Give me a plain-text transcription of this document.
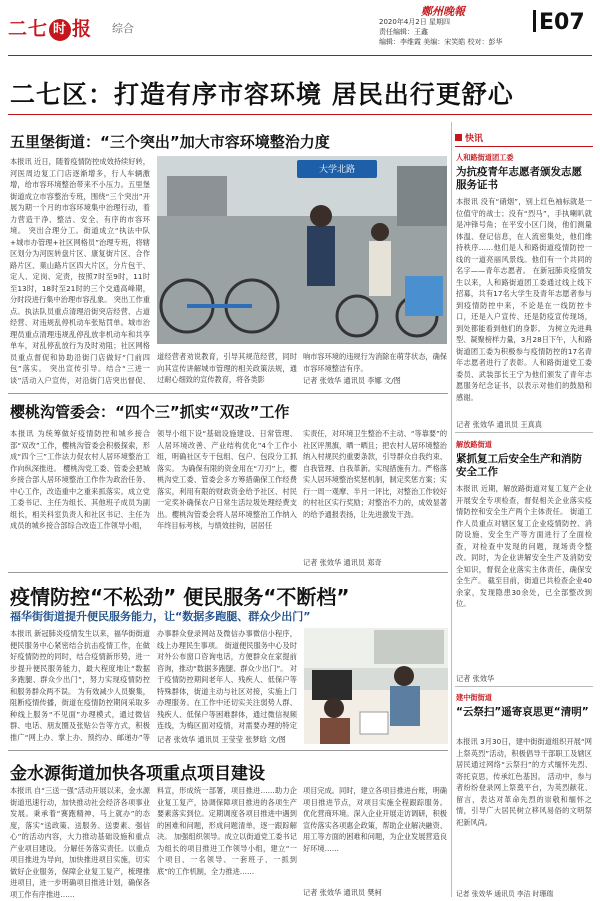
二七 时 报 综合
鄭州晚報
2020年4月2日 星期四
责任编辑：王鑫
编辑：李维霞 美编：宋笑皓 校对：彭华
E07
二七区：打造有序市容环境 居民出行更舒心
五里堡街道：“三个突出”加大市容环境整治力度
本报讯 近日，随着疫情防控成效持续好转，河医周边复工门店逐渐增多，行人车辆激增，给市容环境整治带来不小压力。五里堡街道成立市容整治专班，围绕“三个突出”开展为期一个月的市容环境集中治理行动，着力营造干净、整洁、安全、有序的市容环境。 突出合理分工。街道成立“执法中队+城市办管理+社区网格员”治理专班，将辖区划分为河医转盘片区、康复街片区、合作路片区、菓山路片区四大片区，分片包干、定人、定岗、定责，按照7时至9时，11时至13时，18时至21时的三个交通高峰期，分时段进行集中治理市容乱象。 突出工作重点。执法队员重点清理沿街突店经营、占道经营、对违规乱停机动车张贴罚单。城市治理员重点清理违规乱停乱放非机动车和共享单车，对乱停乱放行为及时劝阻；社区网格员重点督促和协助沿街门店做好“门前四包”落实。 突出宣传引导。结合“三进一谈”活动入户宣传，对沿街门店突出督促、
大学北路
道经营者劝说教育，引导其规范经营，同时向其宣传讲解城市管理的相关政策法规，通过耐心细致的宣传教育，将各类影
响市容环境的违规行为消除在萌芽状态，确保市容环境整洁有序。
记者 张效华 通讯员 李娜 文/图
樱桃沟管委会：“四个三”抓实“双改”工作
本报讯 为统筹做好疫情防控和城乡接合部“双改”工作，樱桃沟管委会积极探索，形成“四个三”工作法力促农村人居环境整治工作向纵深推进。 樱桃沟党工委、管委会把城乡接合部人居环境整治工作作为政治任务、中心工作，改造重中之重来抓落实。成立党工委书记、主任为组长、其他班子成员为副组长，相关科室负责人和社区书记、主任为成员的城乡接合部综合改造工作领导小组，
领导小组下设“基础设施建设、日常管理、人居环境改善、产业结构优化”4个工作小组，明确社区专干包组、包户、包段分工抓落实。 为确保有限的资金用在“刀刃”上，樱桃沟党工委、管委会多方筹措确保工作经费落实，利用有限的财政资金给予社区、村民一定奖补确保农户日常生活垃圾处理经费支出。樱桃沟管委会将人居环境整治工作纳入年终目标考核，与绩效挂钩，居居任
实责任，对环境卫生整治不主动、“等靠要”的社区评黑旗，晒一晒且；把农村人居环境整治纳入村规民约重要条款，引导群众自我约束、自我管理、自我革新。实现措施有力。严格落实人居环境整治奖惩机制，制定奖惩方案；实行一周一观摩、半月一评比，对整治工作较好的村社区实行奖励；对整治不力的，成效显著的给予通报表扬，让先进激发干劲。
记者 张效华 通讯员 郑奇
疫情防控“不松劲” 便民服务“不断档”
福华街街道提升便民服务能力，让“数据多跑腿、群众少出门”
本报讯 新冠肺炎疫情发生以来，福华街街道便民服务中心紧密结合抗击疫情工作，在做好疫情防控的同时，结合疫情新形势，进一步提升便民服务能力，最大程度地让“数据多跑腿、群众少出门”，努力实现疫情防控和服务群众两不误。 为有效减少人员聚集，阻断疫情传播，街道在疫情防控期间采取多种线上服务“不见面”办理模式，通过微信群、电话、朋友圈及张贴公告等方式，积极推广“网上办、掌上办、预约办、邮递办”等
办事群众登录网站及微信办事微信小程序，线上办理民生事项。 街道便民服务中心及时对外公布窗口咨询电话，方便群众在家提前咨询，推动“数据多跑腿、群众少出门”。 对于疫情防控期间老年人、残疾人、低保户等特殊群体，街道主动与社区对接，实施上门办理服务。在工作中还切实关注弱势人群、残疾人、低保户等困难群体，通过微信视频连线，为梅区面对疫情，对需要办理的特定
记者 张效华 通讯员 王莹莹 张梦晗 文/图
金水源街道加快各项重点项目建设
本报讯 自“三送一强”活动开展以来，金水源街道迅速行动，加快推动社会经济各项事业发展。秉承着“赛跑精神、马上就办”的态度，落实“送政策、送服务、送要素、强信心”的活动内容，大力推动基础设施和重点产业项目建设。 分解任务落实责任。以重点项目推进为导向，加快推进项目实施，切实做好企业服务，保障企业复工复产，梳理推进项目，进一步明确项目推进计划，确保各项工作有序推进……
料宣，形成统一部署，项目推进……助力企业复工复产，协调保障项目推进的各项生产要素落实到位。定期调度各项目推进中遇到的困难和问题，形成问题清单，逐一跟踪解决。 加强组织领导。成立以街道党工委书记为组长的项目推进工作领导小组，建立“一个项目、一名领导、一套班子、一抓到底”的工作机制，全力推进……
项目完成。同时，建立各项目推进台账，明确项目推进节点，对项目实施全程跟踪服务。 优化营商环境。深入企业开展走访调研，积极宣传落实各项惠企政策，帮助企业解决融资、用工等方面的困难和问题，为企业发展营造良好环境……
记者 张效华 通讯员 樊柯
快讯
人和路街道团工委
为抗疫青年志愿者颁发志愿服务证书
本报讯 没有“硝烟”，别上红色袖标就是一位值守的战士；没有“烈马”，手执喇叭就是冲锋号角；在平安小区门岗，他们测量体温、登记信息，在人流密集处，他们维持秩序……他们是人和路街道疫情防控一线的一道亮丽风景线。他们有一个共同的名字——青年志愿者。 在新冠肺炎疫情发生以来，人和路街道团工委通过线上线下招募，共有17名大学生及青年志愿者参与到疫情防控中来，不论是在一线防控卡口，还是入户宣传、还是防疫宣传现场，到处都能看到他们的身影。 为树立先进典型、凝聚榜样力量，3月28日下午，人和路街道团工委为积极参与疫情防控的17名青年志愿者进行了表彰。人和路街道党工委委员、武装部长王宁为他们颁发了青年志愿服务纪念证书，以表示对他们的鼓励和感谢。
记者 张效华 通讯员 王真真
解放路街道
紧抓复工后安全生产和消防安全工作
本报讯 近期，解放路街道对复工复产企业开展安全专项检查，督促相关企业落实疫情防控和安全生产两个主体责任。 街道工作人员重点对辖区复工企业疫情防控、消防设施、安全生产等方面进行了全面检查，对检查中发现的问题，现场责令整改。同时，为企业讲解安全生产及消防安全知识，督促企业落实主体责任，确保安全生产。 截至目前，街道已共检查企业40余家，发现隐患30余处，已全部整改到位。
记者 张效华
建中街街道
“云祭扫”遥寄哀思更“清明”
本报讯 3月30日，建中街街道组织开展“网上祭英烈”活动，积极倡导干部职工及辖区居民通过网络“云祭扫”的方式缅怀先烈、寄托哀思，传承红色基因。 活动中，参与者纷纷登录网上祭奠平台，为英烈献花、留言，表达对革命先烈的崇敬和缅怀之情，引导广大居民树立移风易俗的文明祭祀新风尚。
记者 张效华 通讯员 李洁 时珊瑞
